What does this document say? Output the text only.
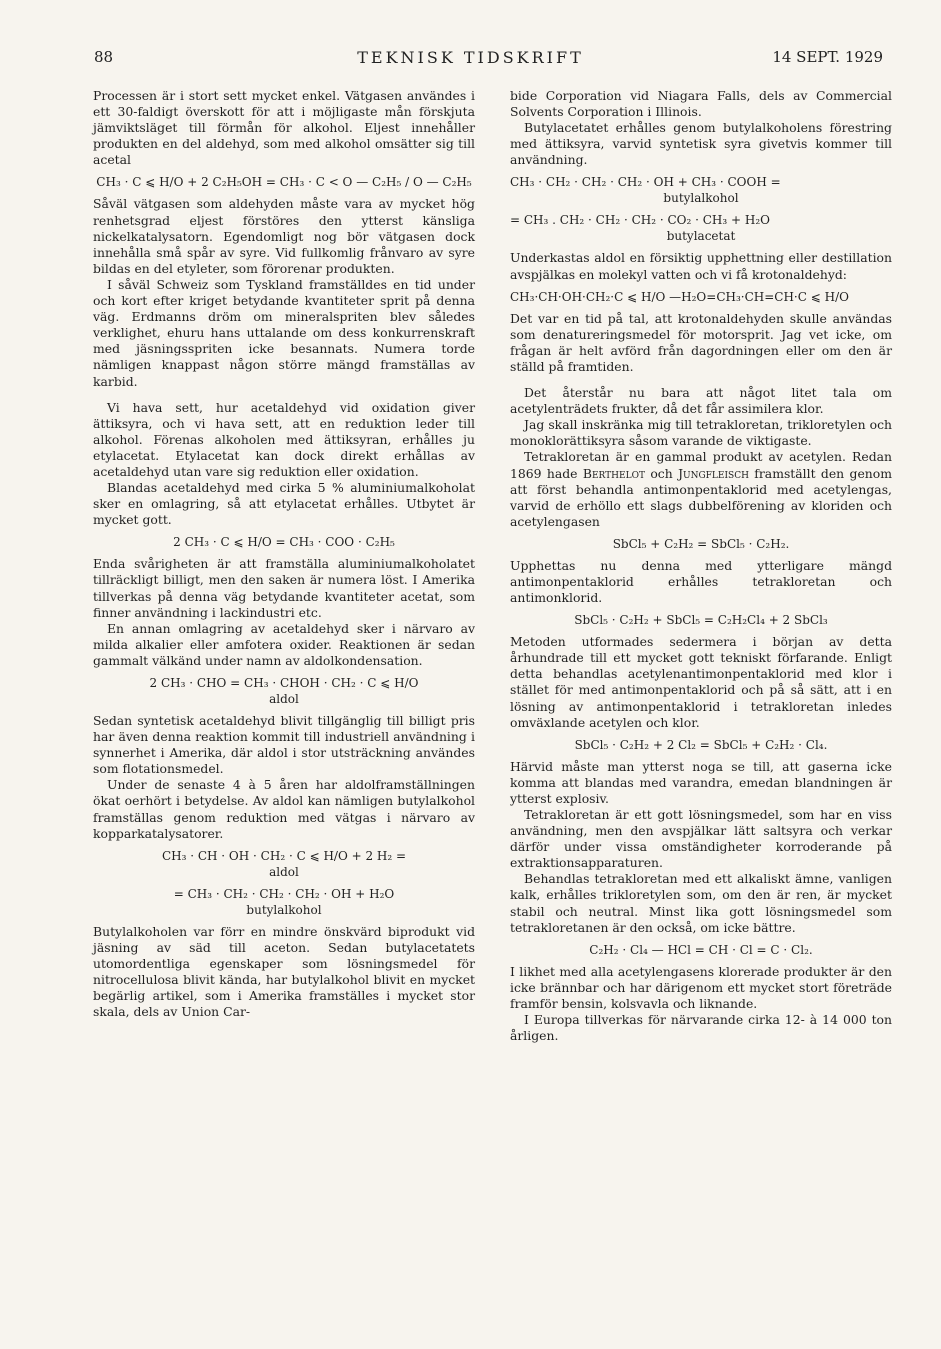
88	TEKNISK TIDSKRIFT	14 SEPT. 1929

Processen är i stort sett mycket enkel. Vätgasen användes i ett 30-faldigt överskott för att i möjligaste mån förskjuta jämviktsläget till förmån för alkohol. Eljest innehåller produkten en del aldehyd, som med alkohol omsätter sig till acetal

CH₃ · C ⩽ H/O + 2 C₂H₅OH = CH₃ · C < O — C₂H₅ / O — C₂H₅

Såväl vätgasen som aldehyden måste vara av mycket hög renhetsgrad eljest förstöres den ytterst känsliga nickelkatalysatorn. Egendomligt nog bör vätgasen dock innehålla små spår av syre. Vid fullkomlig frånvaro av syre bildas en del etyleter, som förorenar produkten.

I såväl Schweiz som Tyskland framställdes en tid under och kort efter kriget betydande kvantiteter sprit på denna väg. Erdmanns dröm om mineralspriten blev således verklighet, ehuru hans uttalande om dess konkurrenskraft med jäsningsspriten icke besannats. Numera torde nämligen knappast någon större mängd framställas av karbid.

Vi hava sett, hur acetaldehyd vid oxidation giver ättiksyra, och vi hava sett, att en reduktion leder till alkohol. Förenas alkoholen med ättiksyran, erhålles ju etylacetat. Etylacetat kan dock direkt erhållas av acetaldehyd utan vare sig reduktion eller oxidation.

Blandas acetaldehyd med cirka 5 % aluminiumalkoholat sker en omlagring, så att etylacetat erhålles. Utbytet är mycket gott.

2 CH₃ · C ⩽ H/O = CH₃ · COO · C₂H₅

Enda svårigheten är att framställa aluminiumalkoholatet tillräckligt billigt, men den saken är numera löst. I Amerika tillverkas på denna väg betydande kvantiteter acetat, som finner användning i lackindustri etc.

En annan omlagring av acetaldehyd sker i närvaro av milda alkalier eller amfotera oxider. Reaktionen är sedan gammalt välkänd under namn av aldolkondensation.

2 CH₃ · CHO = CH₃ · CHOH · CH₂ · C ⩽ H/O
aldol

Sedan syntetisk acetaldehyd blivit tillgänglig till billigt pris har även denna reaktion kommit till industriell användning i synnerhet i Amerika, där aldol i stor utsträckning användes som flotationsmedel.

Under de senaste 4 à 5 åren har aldolframställningen ökat oerhört i betydelse. Av aldol kan nämligen butylalkohol framställas genom reduktion med vätgas i närvaro av kopparkatalysatorer.

CH₃ · CH · OH · CH₂ · C ⩽ H/O + 2 H₂ =
aldol
= CH₃ · CH₂ · CH₂ · CH₂ · OH + H₂O
butylalkohol

Butylalkoholen var förr en mindre önskvärd biprodukt vid jäsning av säd till aceton. Sedan butylacetatets utomordentliga egenskaper som lösningsmedel för nitrocellulosa blivit kända, har butylalkohol blivit en mycket begärlig artikel, som i Amerika framställes i mycket stor skala, dels av Union Car-

bide Corporation vid Niagara Falls, dels av Commercial Solvents Corporation i Illinois.

Butylacetatet erhålles genom butylalkoholens förestring med ättiksyra, varvid syntetisk syra givetvis kommer till användning.

CH₃ · CH₂ · CH₂ · CH₂ · OH + CH₃ · COOH =
butylalkohol
= CH₃ . CH₂ · CH₂ · CH₂ · CO₂ · CH₃ + H₂O
butylacetat

Underkastas aldol en försiktig upphettning eller destillation avspjälkas en molekyl vatten och vi få krotonaldehyd:

CH₃·CH·OH·CH₂·C ⩽ H/O —H₂O=CH₃·CH=CH·C ⩽ H/O

Det var en tid på tal, att krotonaldehyden skulle användas som denatureringsmedel för motorsprit. Jag vet icke, om frågan är helt avförd från dagordningen eller om den är ställd på framtiden.

Det återstår nu bara att något litet tala om acetylenträdets frukter, då det får assimilera klor.

Jag skall inskränka mig till tetrakloretan, trikloretylen och monoklorättiksyra såsom varande de viktigaste.

Tetrakloretan är en gammal produkt av acetylen. Redan 1869 hade Berthelot och Jungfleisch framställt den genom att först behandla antimonpentaklorid med acetylengas, varvid de erhöllo ett slags dubbelförening av kloriden och acetylengasen

SbCl₅ + C₂H₂ = SbCl₅ · C₂H₂.

Upphettas nu denna med ytterligare mängd antimonpentaklorid erhålles tetrakloretan och antimonklorid.

SbCl₅ · C₂H₂ + SbCl₅ = C₂H₂Cl₄ + 2 SbCl₃

Metoden utformades sedermera i början av detta århundrade till ett mycket gott tekniskt förfarande. Enligt detta behandlas acetylenantimonpentaklorid med klor i stället för med antimonpentaklorid och på så sätt, att i en lösning av antimonpentaklorid i tetrakloretan inledes omväxlande acetylen och klor.

SbCl₅ · C₂H₂ + 2 Cl₂ = SbCl₅ + C₂H₂ · Cl₄.

Härvid måste man ytterst noga se till, att gaserna icke komma att blandas med varandra, emedan blandningen är ytterst explosiv.

Tetrakloretan är ett gott lösningsmedel, som har en viss användning, men den avspjälkar lätt saltsyra och verkar därför under vissa omständigheter korroderande på extraktionsapparaturen.

Behandlas tetrakloretan med ett alkaliskt ämne, vanligen kalk, erhålles trikloretylen som, om den är ren, är mycket stabil och neutral. Minst lika gott lösningsmedel som tetrakloretanen är den också, om icke bättre.

C₂H₂ · Cl₄ — HCl = CH · Cl = C · Cl₂.

I likhet med alla acetylengasens klorerade produkter är den icke brännbar och har därigenom ett mycket stort företräde framför bensin, kolsvavla och liknande.

I Europa tillverkas för närvarande cirka 12- à 14 000 ton årligen.
